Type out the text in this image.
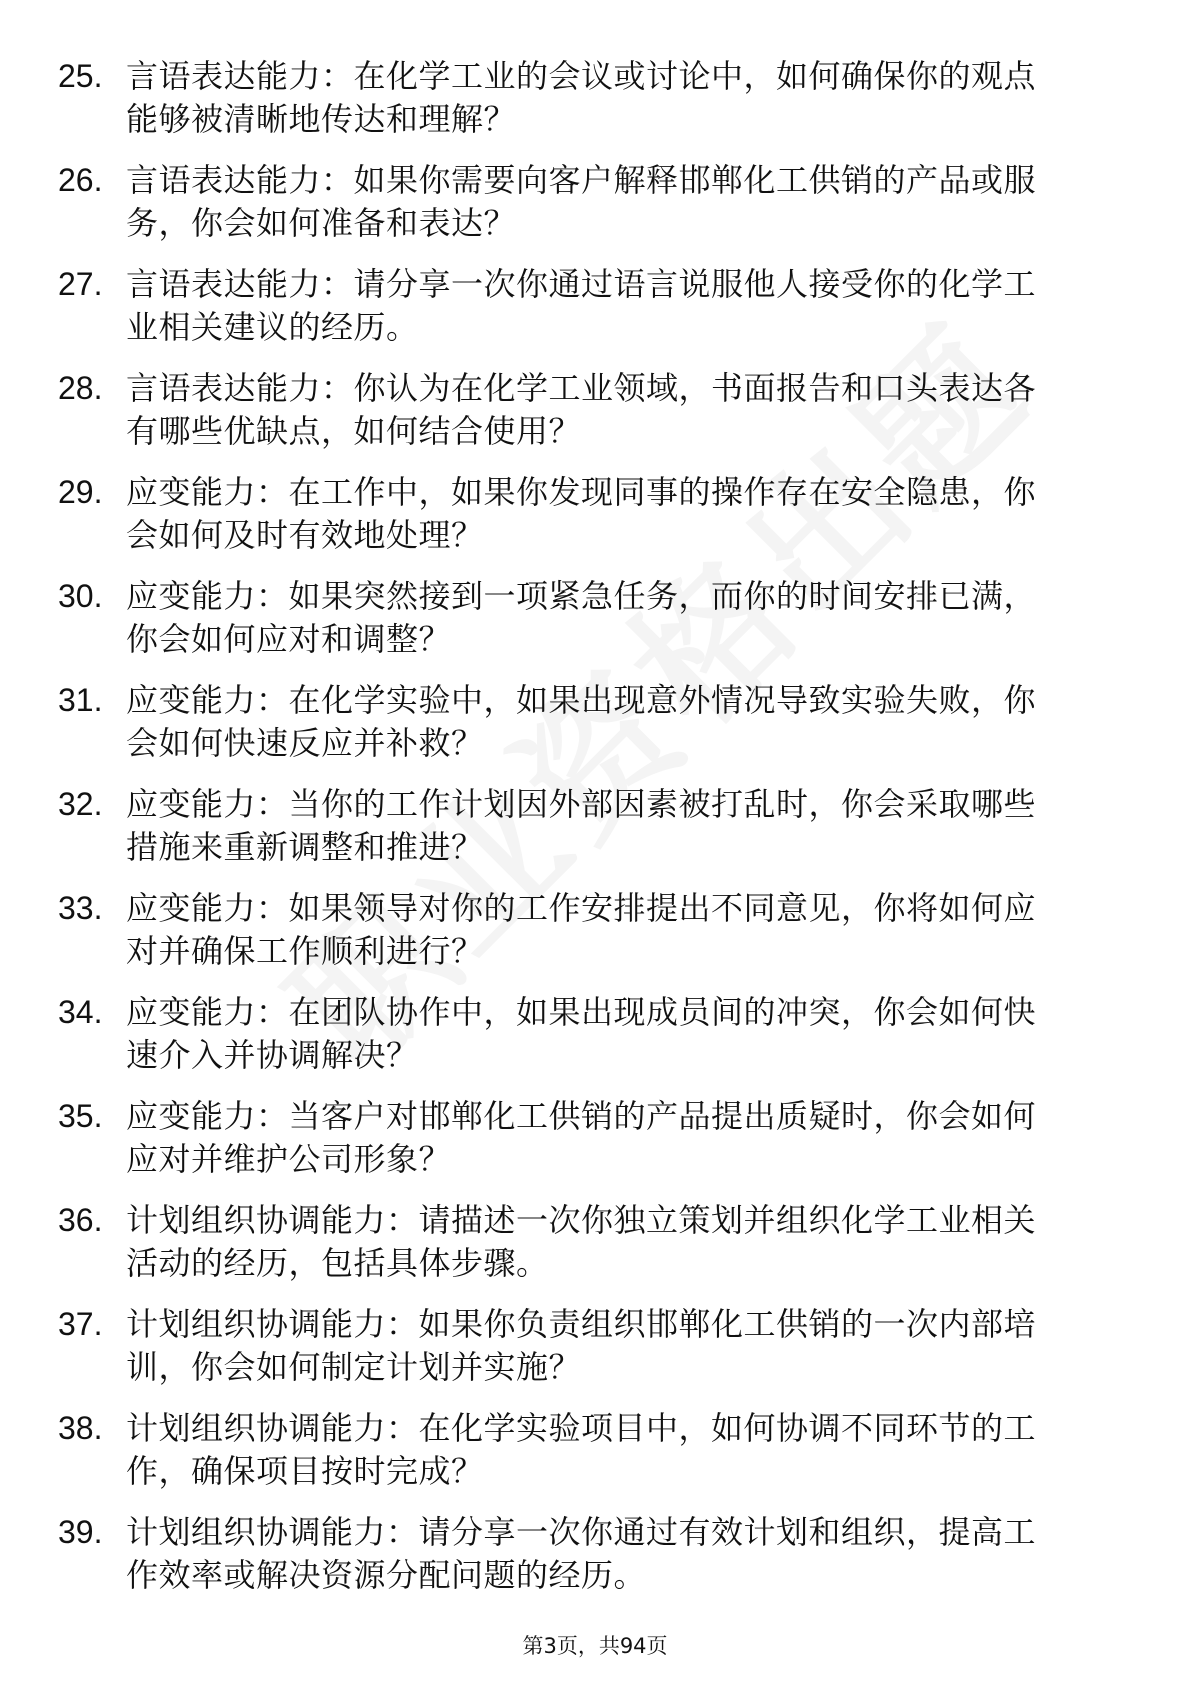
25. 言语表达能力：在化学工业的会议或讨论中，如何确保你的观点
能够被清晰地传达和理解？
26. 言语表达能力：如果你需要向客户解释邯郸化工供销的产品或服
务，你会如何准备和表达？
27. 言语表达能力：请分享一次你通过语言说服他人接受你的化学工
业相关建议的经历。
28. 言语表达能力：你认为在化学工业领域，书面报告和口头表达各
有哪些优缺点，如何结合使用？
29. 应变能力：在工作中，如果你发现同事的操作存在安全隐患，你
会如何及时有效地处理？
30. 应变能力：如果突然接到一项紧急任务，而你的时间安排已满，
你会如何应对和调整？
31. 应变能力：在化学实验中，如果出现意外情况导致实验失败，你
会如何快速反应并补救？
32. 应变能力：当你的工作计划因外部因素被打乱时，你会采取哪些
措施来重新调整和推进？
33. 应变能力：如果领导对你的工作安排提出不同意见，你将如何应
对并确保工作顺利进行？
34. 应变能力：在团队协作中，如果出现成员间的冲突，你会如何快
速介入并协调解决？
35. 应变能力：当客户对邯郸化工供销的产品提出质疑时，你会如何
应对并维护公司形象？
36. 计划组织协调能力：请描述一次你独立策划并组织化学工业相关
活动的经历，包括具体步骤。
37. 计划组织协调能力：如果你负责组织邯郸化工供销的一次内部培
训，你会如何制定计划并实施？
38. 计划组织协调能力：在化学实验项目中，如何协调不同环节的工
作，确保项目按时完成？
39. 计划组织协调能力：请分享一次你通过有效计划和组织，提高工
作效率或解决资源分配问题的经历。
第3页，共94页
